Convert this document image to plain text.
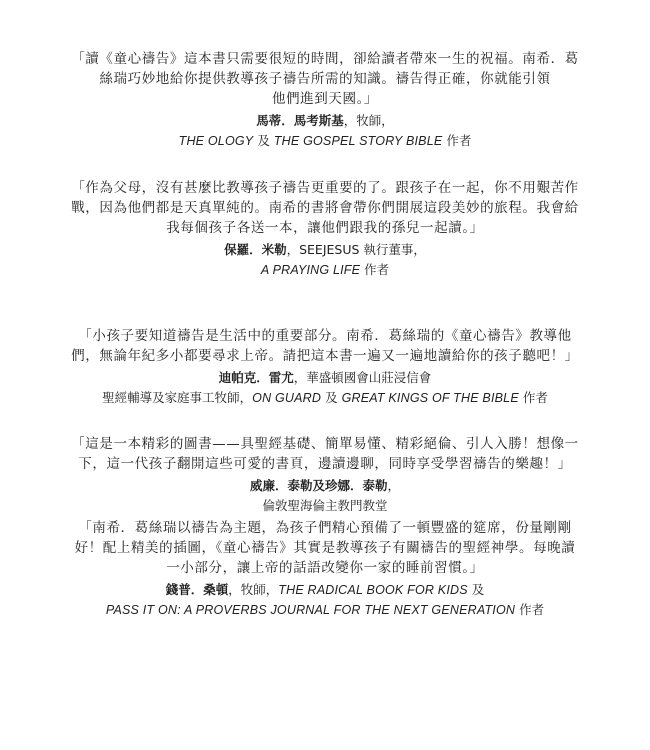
「讀《童心禱告》這本書只需要很短的時間，卻給讀者帶來一生的祝福。南希．葛
絲瑞巧妙地給你提供教導孩子禱告所需的知識。禱告得正確，你就能引領
他們進到天國。」

馬蒂．馬考斯基，牧師，
THE OLOGY 及 THE GOSPEL STORY BIBLE 作者

「作為父母，沒有甚麼比教導孩子禱告更重要的了。跟孩子在一起，你不用艱苦作
戰，因為他們都是天真單純的。南希的書將會帶你們開展這段美妙的旅程。我會給
我每個孩子各送一本，讓他們跟我的孫兒一起讀。」

保羅．米勒，SEEJESUS 執行董事，
A PRAYING LIFE 作者

「小孩子要知道禱告是生活中的重要部分。南希．葛絲瑞的《童心禱告》教導他
們，無論年紀多小都要尋求上帝。請把這本書一遍又一遍地讀給你的孩子聽吧！」

迪帕克．雷尤，華盛頓國會山莊浸信會
聖經輔導及家庭事工牧師，ON GUARD 及 GREAT KINGS OF THE BIBLE 作者

「這是一本精彩的圖書——具聖經基礎、簡單易懂、精彩絕倫、引人入勝！想像一
下，這一代孩子翻開這些可愛的書頁，邊讀邊聊，同時享受學習禱告的樂趣！」

威廉．泰勒及珍娜．泰勒，
倫敦聖海倫主教門教堂

「南希．葛絲瑞以禱告為主題，為孩子們精心預備了一頓豐盛的筵席，份量剛剛
好！配上精美的插圖，《童心禱告》其實是教導孩子有關禱告的聖經神學。每晚讀
一小部分，讓上帝的話語改變你一家的睡前習慣。」

錢普．桑頓，牧師，THE RADICAL BOOK FOR KIDS 及
PASS IT ON: A PROVERBS JOURNAL FOR THE NEXT GENERATION 作者
